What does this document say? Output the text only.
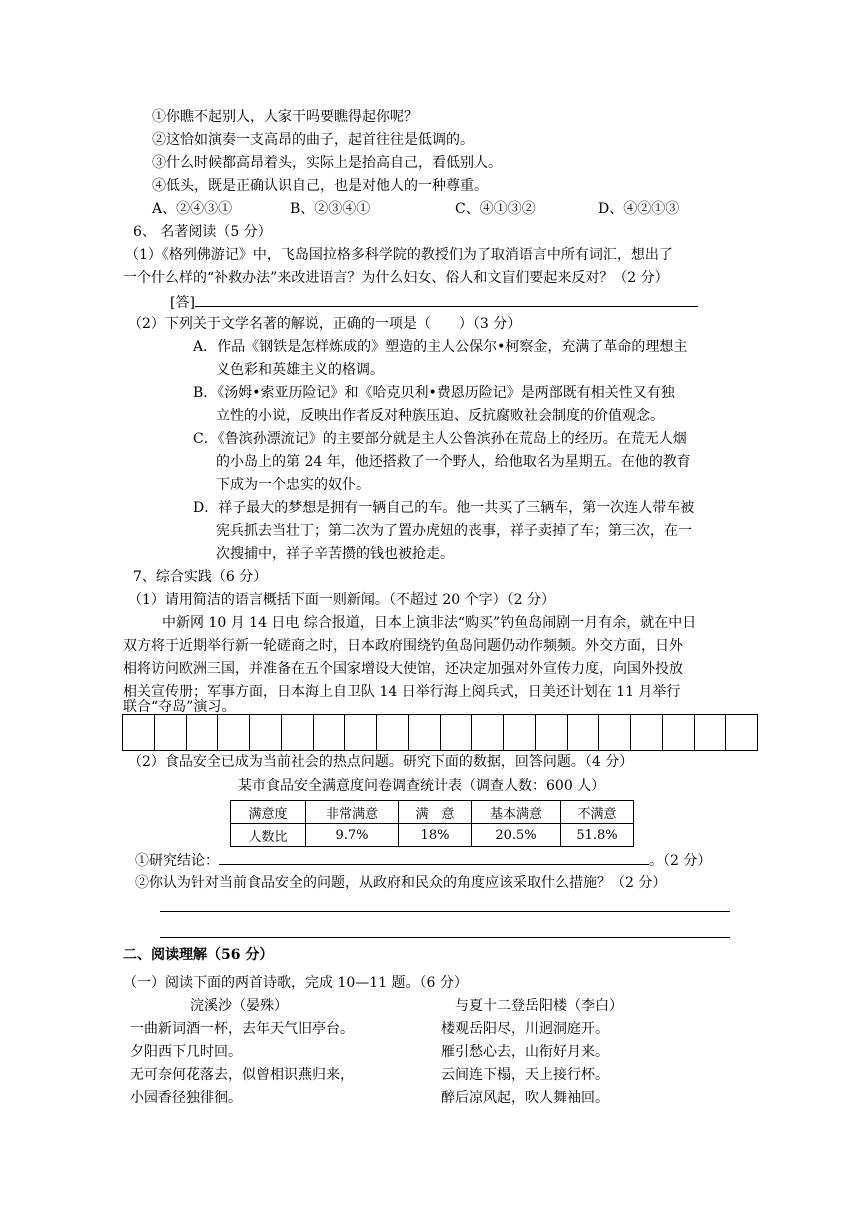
①你瞧不起别人，人家干吗要瞧得起你呢？
②这恰如演奏一支高昂的曲子，起首往往是低调的。
③什么时候都高昂着头，实际上是抬高自己，看低别人。
④低头，既是正确认识自己，也是对他人的一种尊重。
A、②④③①	B、②③④①	C、④①③②	D、④②①③
6、 名著阅读（5 分）
（1）《格列佛游记》中，飞岛国拉格多科学院的教授们为了取消语言中所有词汇，想出了
一个什么样的“补救办法”来改进语言？为什么妇女、俗人和文盲们要起来反对？（2 分）
[答]
（2）下列关于文学名著的解说，正确的一项是（　　）（3 分）
A．作品《钢铁是怎样炼成的》塑造的主人公保尔•柯察金，充满了革命的理想主
义色彩和英雄主义的格调。
B．《汤姆•索亚历险记》和《哈克贝利•费恩历险记》是两部既有相关性又有独
立性的小说，反映出作者反对种族压迫、反抗腐败社会制度的价值观念。
C．《鲁滨孙漂流记》的主要部分就是主人公鲁滨孙在荒岛上的经历。在荒无人烟
的小岛上的第 24 年，他还搭救了一个野人，给他取名为星期五。在他的教育
下成为一个忠实的奴仆。
D．祥子最大的梦想是拥有一辆自己的车。他一共买了三辆车，第一次连人带车被
宪兵抓去当壮丁；第二次为了置办虎妞的丧事，祥子卖掉了车；第三次，在一
次搜捕中，祥子辛苦攒的钱也被抢走。
7、综合实践（6 分）
（1）请用简洁的语言概括下面一则新闻。（不超过 20 个字）（2 分）
中新网 10 月 14 日电 综合报道，日本上演非法“购买”钓鱼岛闹剧一月有余，就在中日
双方将于近期举行新一轮磋商之时，日本政府围绕钓鱼岛问题仍动作频频。外交方面，日外
相将访问欧洲三国，并准备在五个国家增设大使馆，还决定加强对外宣传力度，向国外投放
相关宣传册；军事方面，日本海上自卫队 14 日举行海上阅兵式，日美还计划在 11 月举行
联合“夺岛”演习。
（2）食品安全已成为当前社会的热点问题。研究下面的数据，回答问题。（4 分）
某市食品安全满意度问卷调查统计表（调查人数：600 人）
满意度	非常满意	满　意	基本满意	不满意
人数比	9.7%	18%	20.5%	51.8%
①研究结论：	。（2 分）
②你认为针对当前食品安全的问题，从政府和民众的角度应该采取什么措施？（2 分）
二、阅读理解（56 分）
（一）阅读下面的两首诗歌，完成 10—11 题。（6 分）
浣溪沙（晏殊）
一曲新词酒一杯，去年天气旧亭台。
夕阳西下几时回。
无可奈何花落去，似曾相识燕归来，
小园香径独徘徊。
与夏十二登岳阳楼（李白）
楼观岳阳尽，川迥洞庭开。
雁引愁心去，山衔好月来。
云间连下榻，天上接行杯。
醉后凉风起，吹人舞袖回。
